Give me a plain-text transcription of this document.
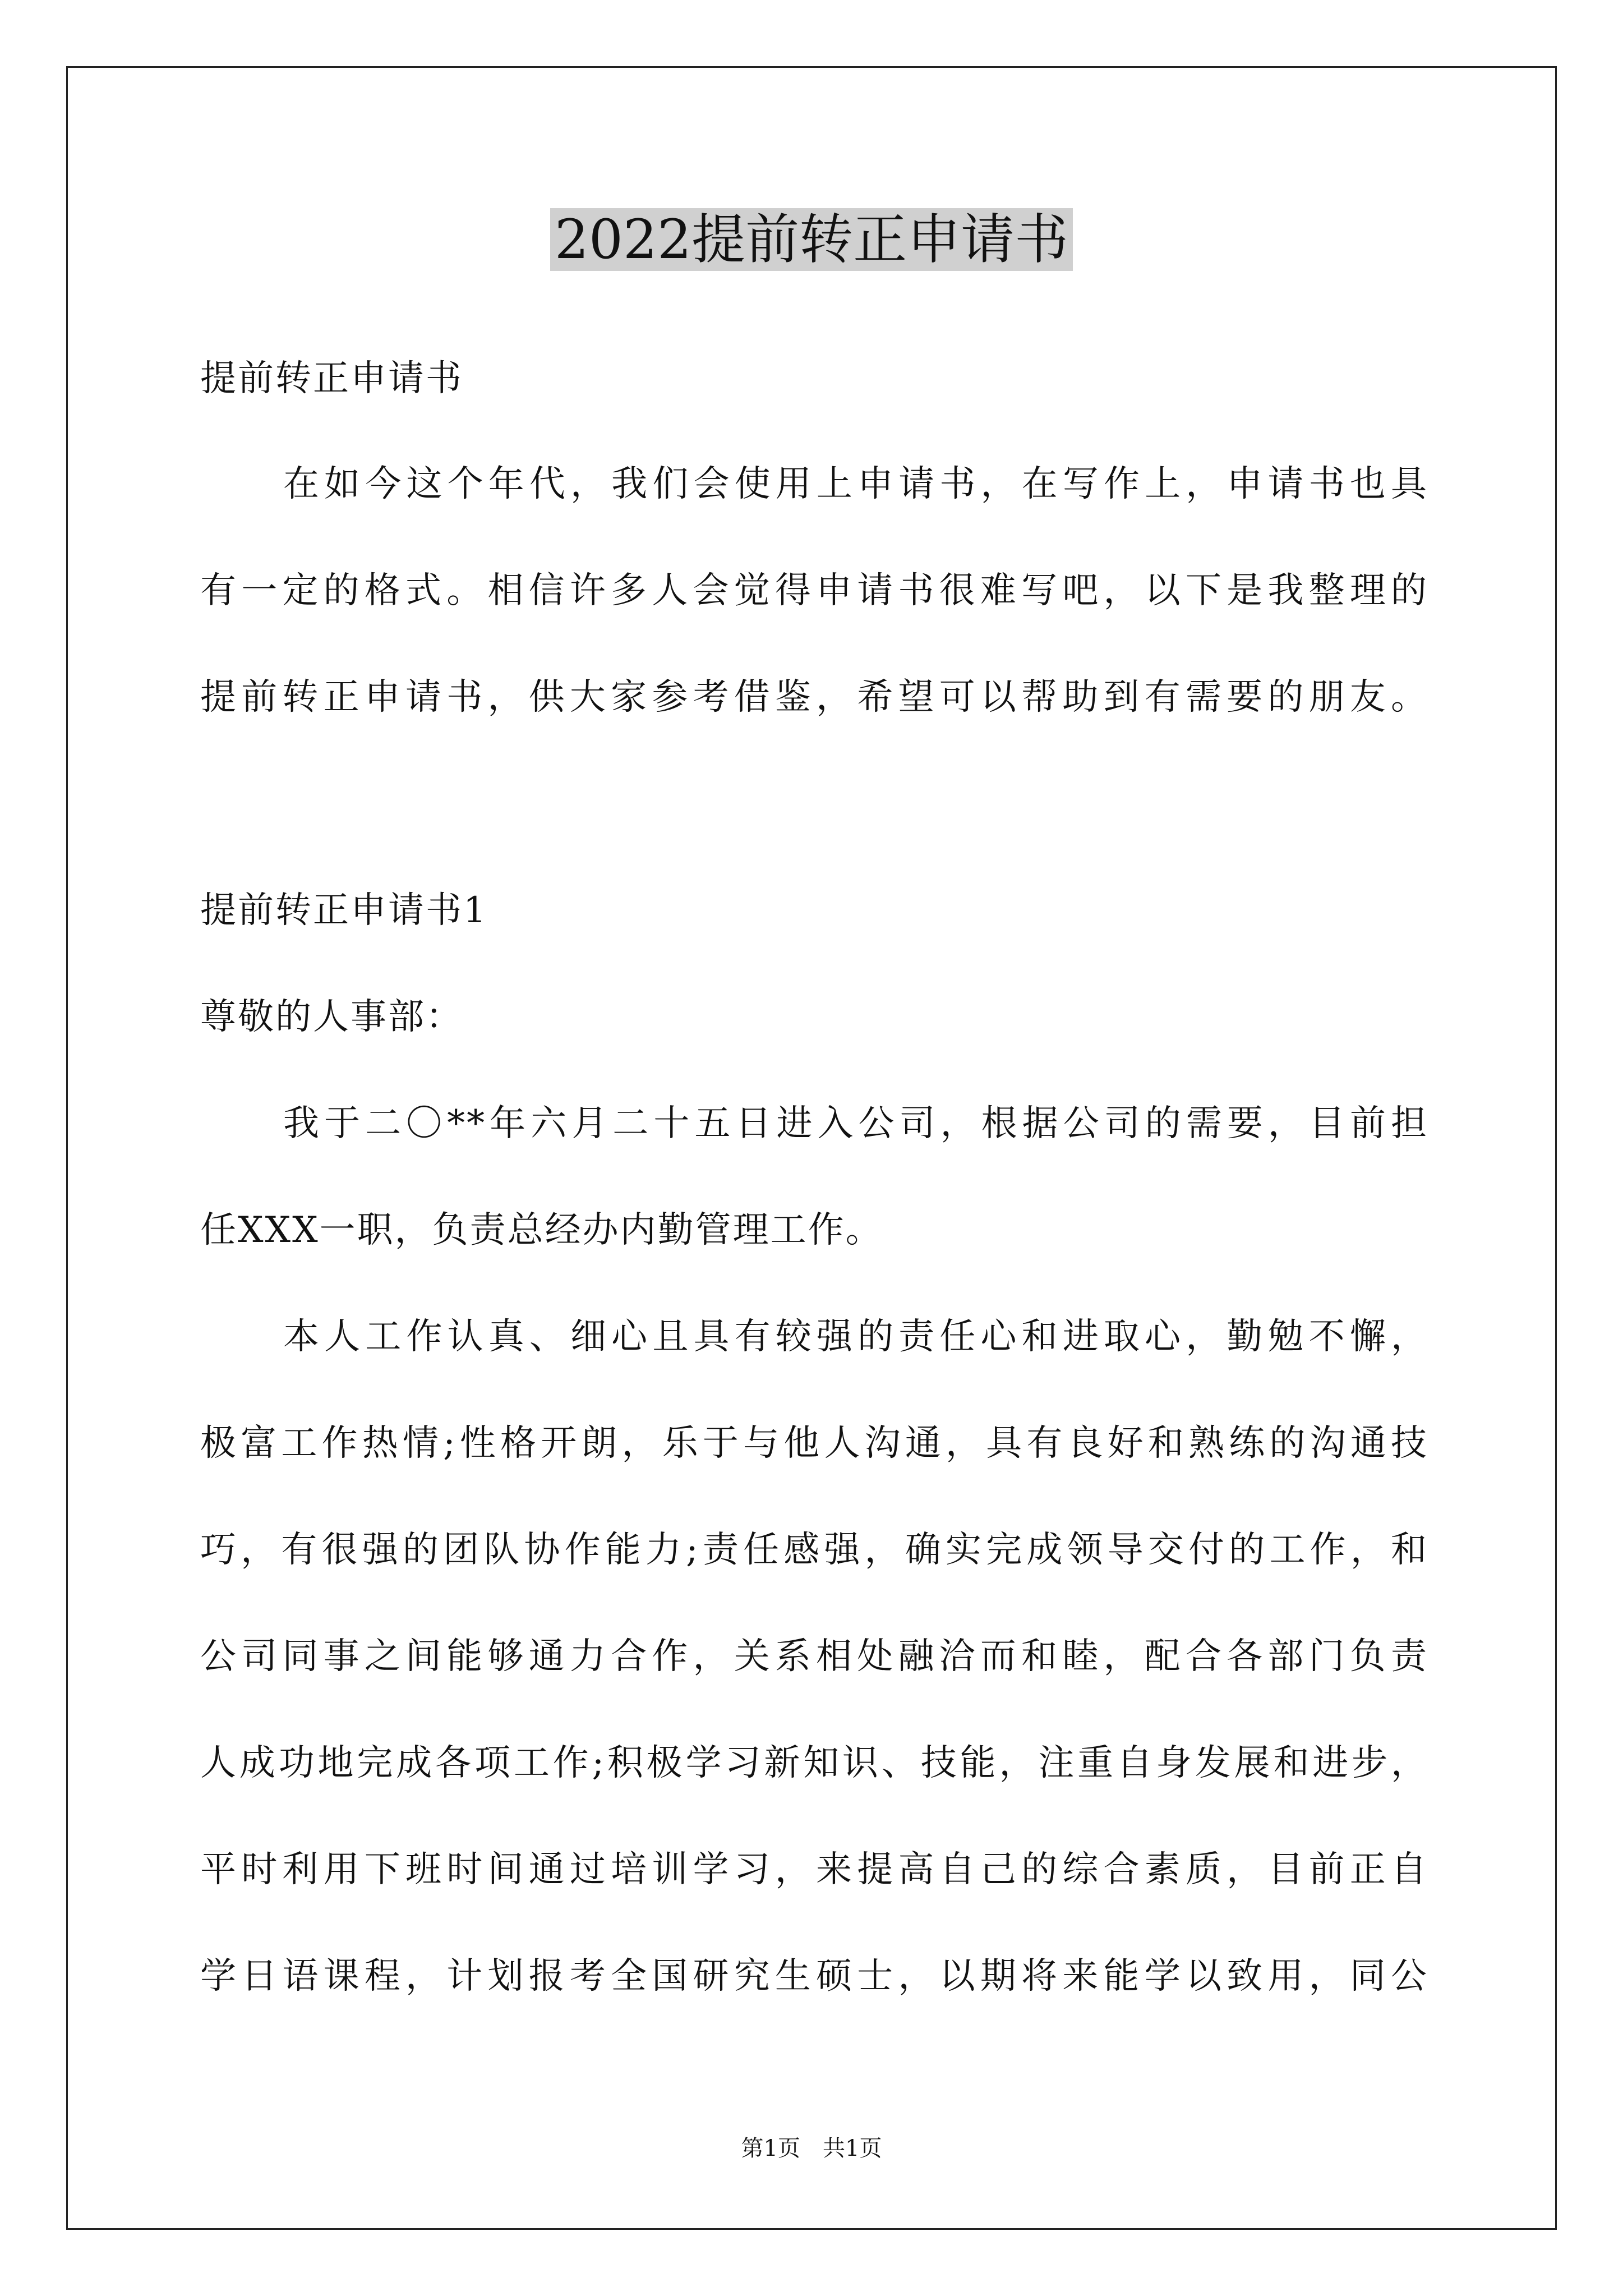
2022提前转正申请书
提前转正申请书
在如今这个年代，我们会使用上申请书，在写作上，申请书也具
有一定的格式。相信许多人会觉得申请书很难写吧，以下是我整理的
提前转正申请书，供大家参考借鉴，希望可以帮助到有需要的朋友。
提前转正申请书1
尊敬的人事部：
我于二〇**年六月二十五日进入公司，根据公司的需要，目前担
任XXX一职，负责总经办内勤管理工作。
本人工作认真、细心且具有较强的责任心和进取心，勤勉不懈，
极富工作热情;性格开朗，乐于与他人沟通，具有良好和熟练的沟通技
巧，有很强的团队协作能力;责任感强，确实完成领导交付的工作，和
公司同事之间能够通力合作，关系相处融洽而和睦，配合各部门负责
人成功地完成各项工作;积极学习新知识、技能，注重自身发展和进步，
平时利用下班时间通过培训学习，来提高自己的综合素质，目前正自
学日语课程，计划报考全国研究生硕士，以期将来能学以致用，同公
第1页　共1页
